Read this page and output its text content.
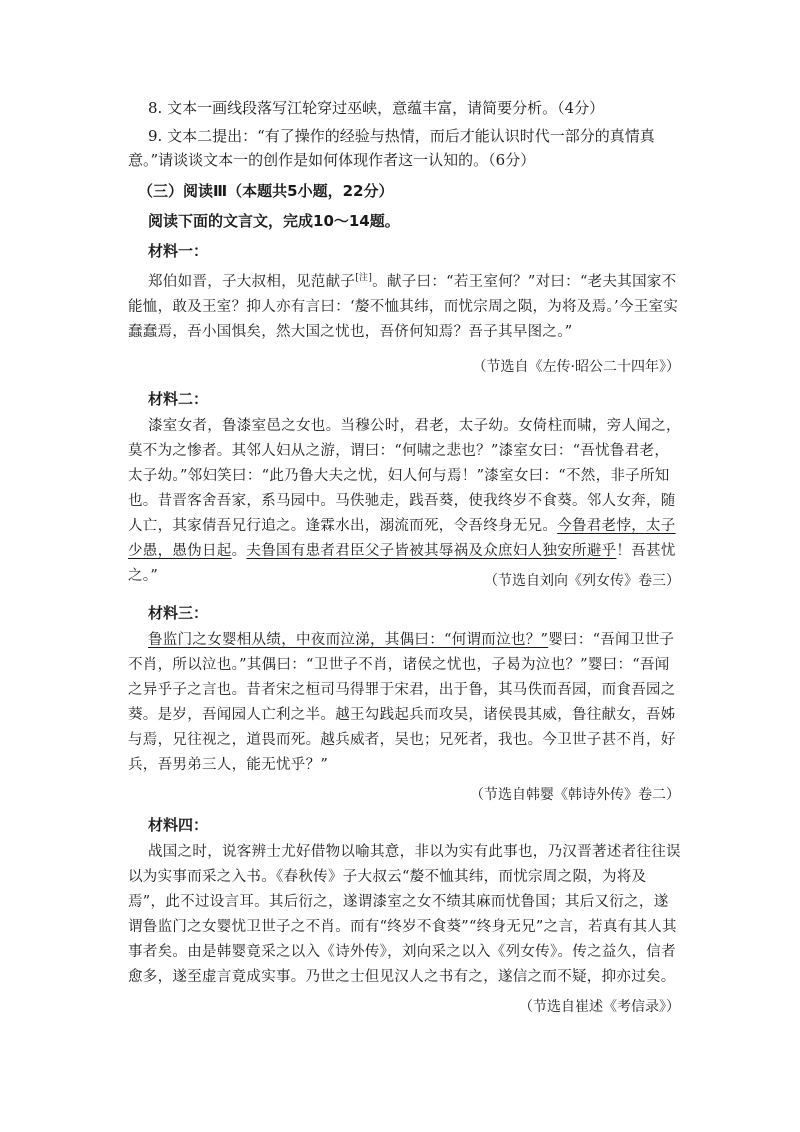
8. 文本一画线段落写江轮穿过巫峡，意蕴丰富，请简要分析。（4分）

9. 文本二提出：“有了操作的经验与热情，而后才能认识时代一部分的真情真意。”请谈谈文本一的创作是如何体现作者这一认知的。（6分）

（三）阅读Ⅲ（本题共5小题，22分）
阅读下面的文言文，完成10～14题。
材料一：

郑伯如晋，子大叔相，见范献子[注]。献子曰：“若王室何？”对曰：“老夫其国家不能恤，敢及王室？抑人亦有言曰：‘嫠不恤其纬，而忧宗周之陨，为将及焉。’今王室实蠢蠢焉，吾小国惧矣，然大国之忧也，吾侪何知焉？吾子其早图之。”

（节选自《左传·昭公二十四年》）
材料二：

漆室女者，鲁漆室邑之女也。当穆公时，君老，太子幼。女倚柱而啸，旁人闻之，莫不为之惨者。其邻人妇从之游，谓曰：“何啸之悲也？”漆室女曰：“吾忧鲁君老，太子幼。”邻妇笑曰：“此乃鲁大夫之忧，妇人何与焉！”漆室女曰：“不然，非子所知也。昔晋客舍吾家，系马园中。马佚驰走，践吾葵，使我终岁不食葵。邻人女奔，随人亡，其家倩吾兄行追之。逢霖水出，溺流而死，令吾终身无兄。今鲁君老悖，太子少愚，愚伪日起。夫鲁国有患者君臣父子皆被其辱祸及众庶妇人独安所避乎！吾甚忧之。”	（节选自刘向《列女传》卷三）
材料三：

鲁监门之女婴相从绩，中夜而泣涕，其偶曰：“何谓而泣也？”婴曰：“吾闻卫世子不肖，所以泣也。”其偶曰：“卫世子不肖，诸侯之忧也，子曷为泣也？”婴曰：“吾闻之异乎子之言也。昔者宋之桓司马得罪于宋君，出于鲁，其马佚而吾园，而食吾园之葵。是岁，吾闻园人亡利之半。越王勾践起兵而攻吴，诸侯畏其威，鲁往献女，吾姊与焉，兄往视之，道畏而死。越兵威者，吴也；兄死者，我也。今卫世子甚不肖，好兵，吾男弟三人，能无忧乎？”

（节选自韩婴《韩诗外传》卷二）
材料四：

战国之时，说客辨士尤好借物以喻其意，非以为实有此事也，乃汉晋著述者往往误以为实事而采之入书。《春秋传》子大叔云“嫠不恤其纬，而忧宗周之陨，为将及焉”，此不过设言耳。其后衍之，遂谓漆室之女不绩其麻而忧鲁国；其后又衍之，遂谓鲁监门之女婴忧卫世子之不肖。而有“终岁不食葵”“终身无兄”之言，若真有其人其事者矣。由是韩婴竟采之以入《诗外传》，刘向采之以入《列女传》。传之益久，信者愈多，遂至虚言竟成实事。乃世之士但见汉人之书有之，遂信之而不疑，抑亦过矣。

（节选自崔述《考信录》）
